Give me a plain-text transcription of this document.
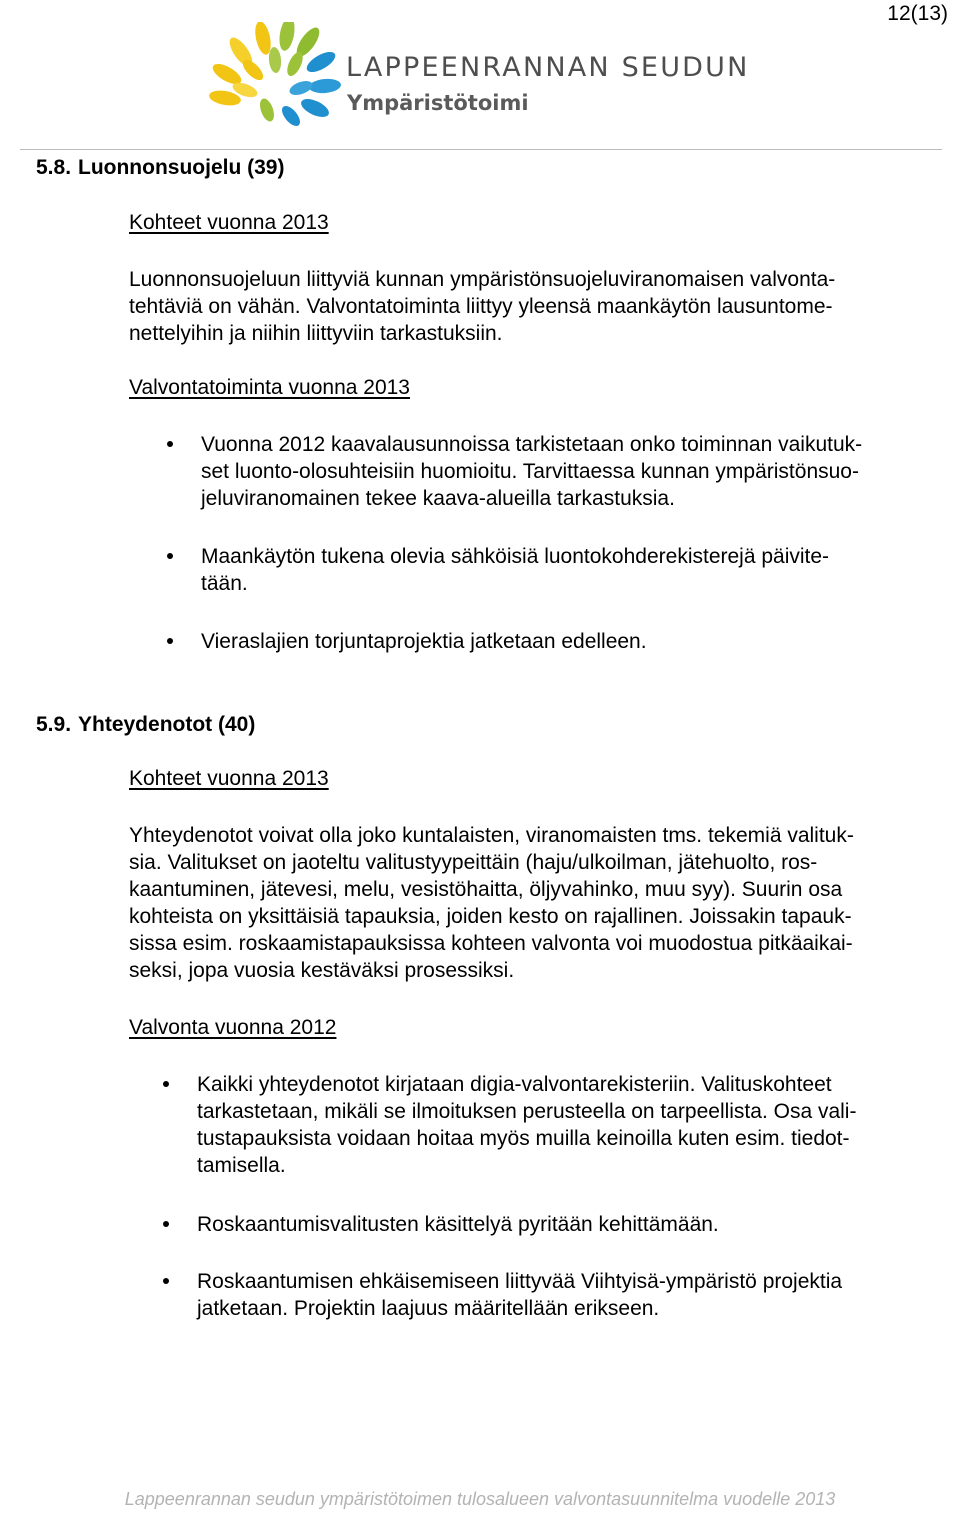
12(13)
LAPPEENRANNAN SEUDUN
Ympäristötoimi
5.8. Luonnonsuojelu (39)
Kohteet vuonna 2013
Luonnonsuojeluun liittyviä kunnan ympäristönsuojeluviranomaisen valvonta-
tehtäviä on vähän. Valvontatoiminta liittyy yleensä maankäytön lausuntome-
nettelyihin ja niihin liittyviin tarkastuksiin.
Valvontatoiminta vuonna 2013
Vuonna 2012 kaavalausunnoissa tarkistetaan onko toiminnan vaikutuk-
set luonto-olosuhteisiin huomioitu. Tarvittaessa kunnan ympäristönsuo-
jeluviranomainen tekee kaava-alueilla tarkastuksia.
Maankäytön tukena olevia sähköisiä luontokohderekisterejä päivite-
tään.
Vieraslajien torjuntaprojektia jatketaan edelleen.
5.9. Yhteydenotot (40)
Kohteet vuonna 2013
Yhteydenotot voivat olla joko kuntalaisten, viranomaisten tms. tekemiä valituk-
sia. Valitukset on jaoteltu valitustyypeittäin (haju/ulkoilman, jätehuolto, ros-
kaantuminen, jätevesi, melu, vesistöhaitta, öljyvahinko, muu syy). Suurin osa
kohteista on yksittäisiä tapauksia, joiden kesto on rajallinen. Joissakin tapauk-
sissa esim. roskaamistapauksissa kohteen valvonta voi muodostua pitkäaikai-
seksi, jopa vuosia kestäväksi prosessiksi.
Valvonta vuonna 2012
Kaikki yhteydenotot kirjataan digia-valvontarekisteriin. Valituskohteet
tarkastetaan, mikäli se ilmoituksen perusteella on tarpeellista. Osa vali-
tustapauksista voidaan hoitaa myös muilla keinoilla kuten esim. tiedot-
tamisella.
Roskaantumisvalitusten käsittelyä pyritään kehittämään.
Roskaantumisen ehkäisemiseen liittyvää Viihtyisä-ympäristö projektia
jatketaan. Projektin laajuus määritellään erikseen.
Lappeenrannan seudun ympäristötoimen tulosalueen valvontasuunnitelma vuodelle 2013
